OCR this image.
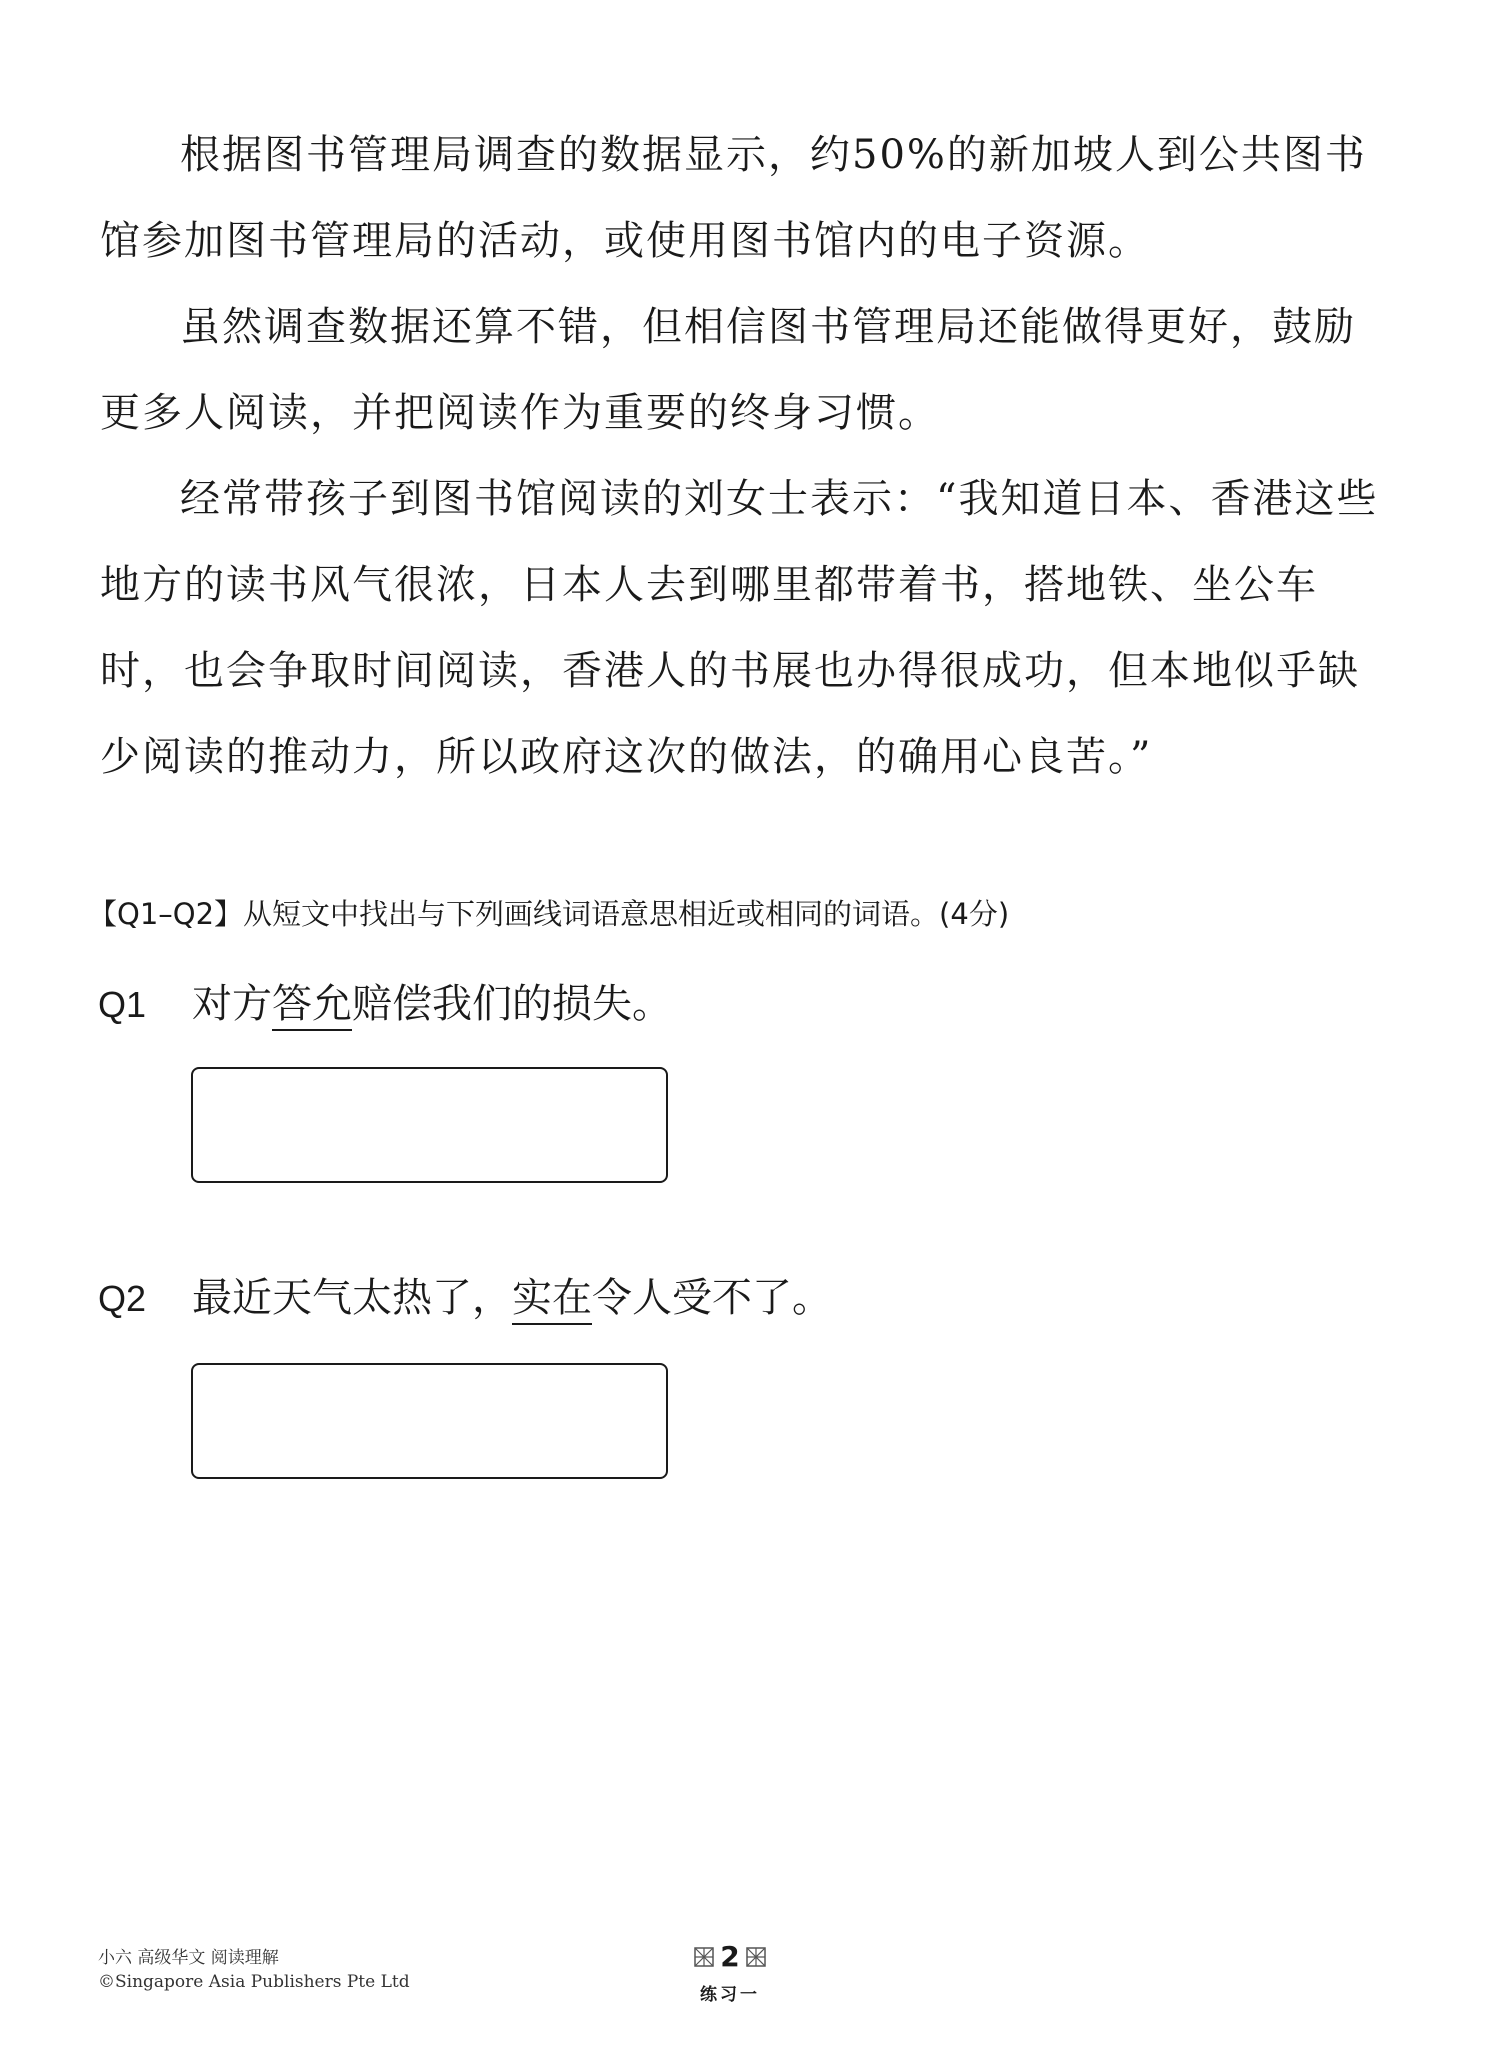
根据图书管理局调查的数据显示，约50%的新加坡人到公共图书馆参加图书管理局的活动，或使用图书馆内的电子资源。

虽然调查数据还算不错，但相信图书管理局还能做得更好，鼓励更多人阅读，并把阅读作为重要的终身习惯。

经常带孩子到图书馆阅读的刘女士表示：“我知道日本、香港这些地方的读书风气很浓，日本人去到哪里都带着书，搭地铁、坐公车时，也会争取时间阅读，香港人的书展也办得很成功，但本地似乎缺少阅读的推动力，所以政府这次的做法，的确用心良苦。”

【Q1–Q2】从短文中找出与下列画线词语意思相近或相同的词语。(4分)
Q1 对方答允赔偿我们的损失。
Q2 最近天气太热了，实在令人受不了。
小六 高级华文 阅读理解
©Singapore Asia Publishers Pte Ltd
2
练习一
